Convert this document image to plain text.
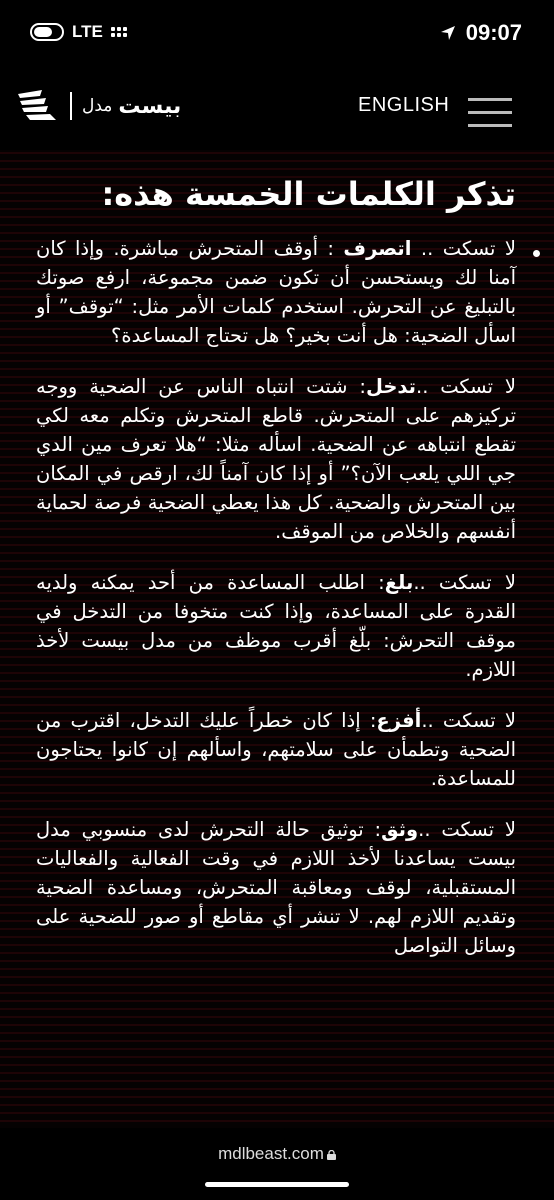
LTE	09:07
بيست
مدل	ENGLISH
تذكر الكلمات الخمسة هذه:

لا تسكت .. اتصرف : أوقف المتحرش مباشرة. وإذا كان آمنا لك ويستحسن أن تكون ضمن مجموعة، ارفع صوتك بالتبليغ عن التحرش. استخدم كلمات الأمر مثل: “توقف” أو اسأل الضحية: هل أنت بخير؟ هل تحتاج المساعدة؟

لا تسكت ..تدخل: شتت انتباه الناس عن الضحية ووجه تركيزهم على المتحرش. قاطع المتحرش وتكلم معه لكي تقطع انتباهه عن الضحية. اسأله مثلا: “هلا تعرف مين الدي جي اللي يلعب الآن؟” أو إذا كان آمناً لك، ارقص في المكان بين المتحرش والضحية. كل هذا يعطي الضحية فرصة لحماية أنفسهم والخلاص من الموقف.

لا تسكت ..بلغ: اطلب المساعدة من أحد يمكنه ولديه القدرة على المساعدة، وإذا كنت متخوفا من التدخل في موقف التحرش: بلّغ أقرب موظف من مدل بيست لأخذ اللازم.

لا تسكت ..أفزع: إذا كان خطراً عليك التدخل، اقترب من الضحية وتطمأن على سلامتهم، واسألهم إن كانوا يحتاجون للمساعدة.

لا تسكت ..وثق: توثيق حالة التحرش لدى منسوبي مدل بيست يساعدنا لأخذ اللازم في وقت الفعالية والفعاليات المستقبلية، لوقف ومعاقبة المتحرش، ومساعدة الضحية وتقديم اللازم لهم. لا تنشر أي مقاطع أو صور للضحية على وسائل التواصل

mdlbeast.com
